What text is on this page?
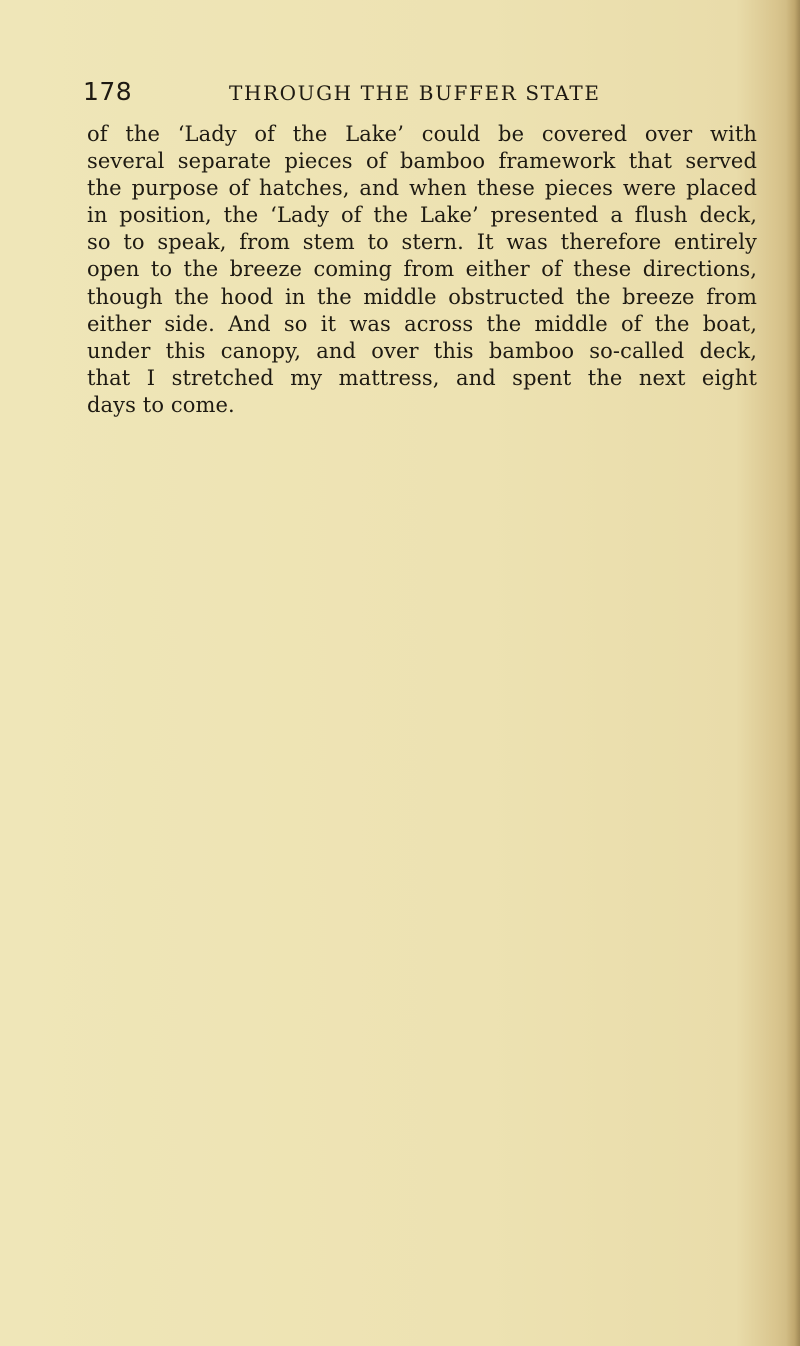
178	THROUGH THE BUFFER STATE
of the ‘Lady of the Lake’ could be covered over with
several separate pieces of bamboo framework that served
the purpose of hatches, and when these pieces were placed
in position, the ‘Lady of the Lake’ presented a flush deck,
so to speak, from stem to stern. It was therefore entirely
open to the breeze coming from either of these directions,
though the hood in the middle obstructed the breeze from
either side. And so it was across the middle of the boat,
under this canopy, and over this bamboo so-called deck,
that I stretched my mattress, and spent the next eight
days to come.
